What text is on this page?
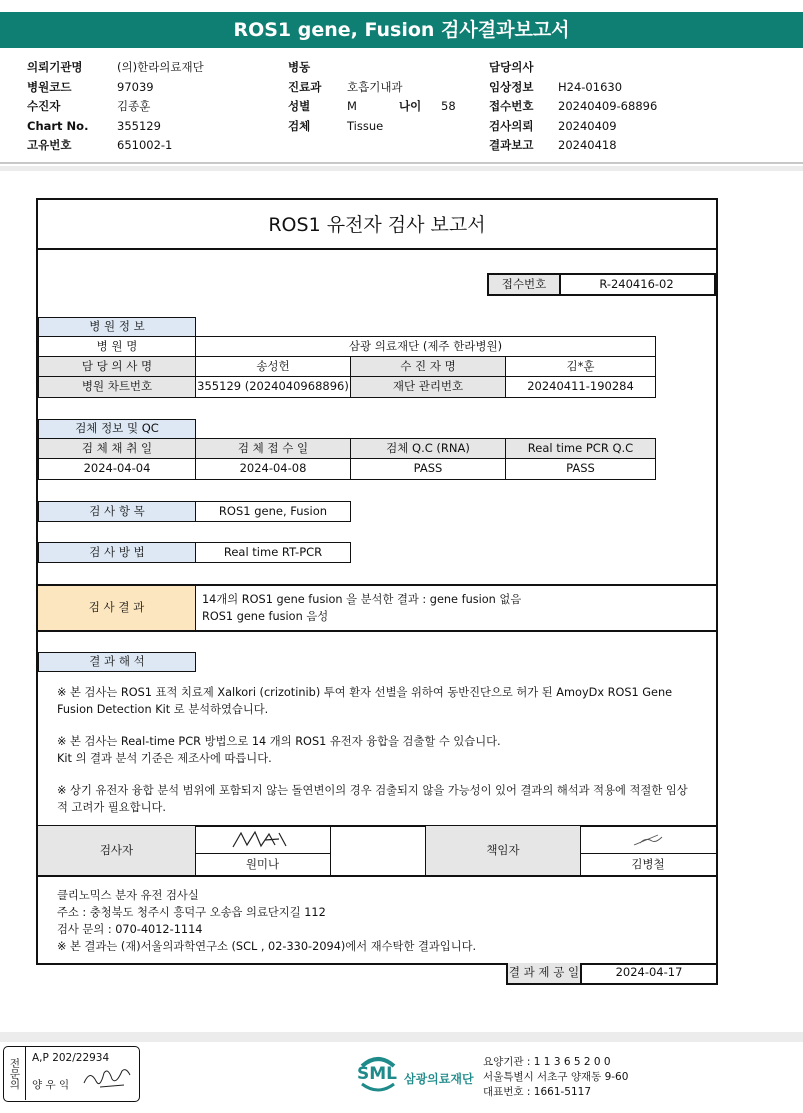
ROS1 gene, Fusion 검사결과보고서
의뢰기관명	(의)한라의료재단
병원코드	97039
수진자	김종훈
Chart No. 355129
고유번호	651002-1
병동
진료과 호흡기내과
성별	M	나이 58
검체	Tissue
담당의사
임상정보 H24-01630
접수번호 20240409-68896
검사의뢰 20240409
결과보고 20240418
ROS1 유전자 검사 보고서
접수번호	R-240416-02
병 원 정 보
병 원 명	삼광 의료재단 (제주 한라병원)
담 당 의 사 명	송성헌	수 진 자 명	김*훈
병원 차트번호	355129 (2024040968896)	재단 관리번호	20240411-190284
검체 정보 및 QC
검 체 채 취 일	검 체 접 수 일	검체 Q.C (RNA)	Real time PCR Q.C
2024-04-04	2024-04-08	PASS	PASS
검 사 항 목	ROS1 gene, Fusion
검 사 방 법	Real time RT-PCR
검 사 결 과
14개의 ROS1 gene fusion 을 분석한 결과 : gene fusion 없음
ROS1 gene fusion 음성
결 과 해 석
※ 본 검사는 ROS1 표적 치료제 Xalkori (crizotinib) 투여 환자 선별을 위하여 동반진단으로 허가 된 AmoyDx ROS1 Gene
Fusion Detection Kit 로 분석하였습니다.
※ 본 검사는 Real-time PCR 방법으로 14 개의 ROS1 유전자 융합을 검출할 수 있습니다.
Kit 의 결과 분석 기준은 제조사에 따릅니다.
※ 상기 유전자 융합 분석 범위에 포함되지 않는 돌연변이의 경우 검출되지 않을 가능성이 있어 결과의 해석과 적용에 적절한 임상
적 고려가 필요합니다.
검사자
원미나
책임자
김병철
클리노믹스 분자 유전 검사실
주소 : 충청북도 청주시 흥덕구 오송읍 의료단지길 112
검사 문의 : 070-4012-1114
※ 본 결과는 (재)서울의과학연구소 (SCL , 02-330-2094)에서 재수탁한 결과입니다.
결 과 제 공 일	2024-04-17
전문의	A,P 202/22934
양 우 익
SML 삼광의료재단
요양기관 : 1 1 3 6 5 2 0 0
서울특별시 서초구 양재동 9-60
대표번호 : 1661-5117
